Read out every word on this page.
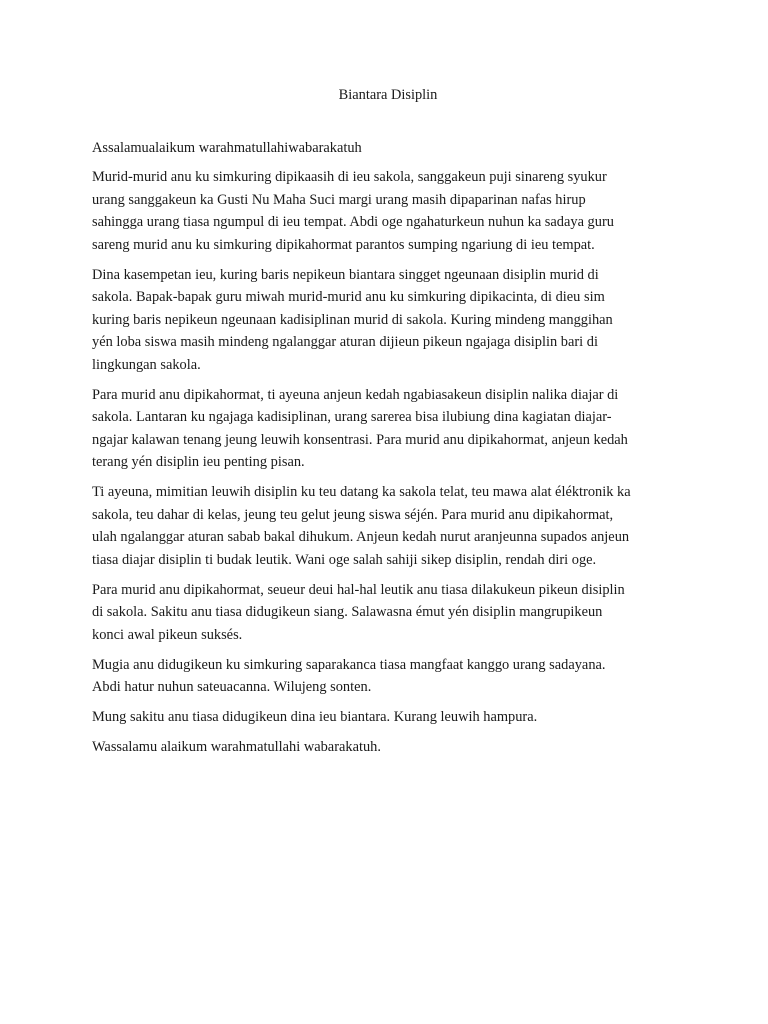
Biantara Disiplin
Assalamualaikum warahmatullahiwabarakatuh

Murid-murid anu ku simkuring dipikaasih di ieu sakola, sanggakeun puji sinareng syukur
urang sanggakeun ka Gusti Nu Maha Suci margi urang masih dipaparinan nafas hirup
sahingga urang tiasa ngumpul di ieu tempat. Abdi oge ngahaturkeun nuhun ka sadaya guru
sareng murid anu ku simkuring dipikahormat parantos sumping ngariung di ieu tempat.

Dina kasempetan ieu, kuring baris nepikeun biantara singget ngeunaan disiplin murid di
sakola. Bapak-bapak guru miwah murid-murid anu ku simkuring dipikacinta, di dieu sim
kuring baris nepikeun ngeunaan kadisiplinan murid di sakola. Kuring mindeng manggihan
yén loba siswa masih mindeng ngalanggar aturan dijieun pikeun ngajaga disiplin bari di
lingkungan sakola.

Para murid anu dipikahormat, ti ayeuna anjeun kedah ngabiasakeun disiplin nalika diajar di
sakola. Lantaran ku ngajaga kadisiplinan, urang sarerea bisa ilubiung dina kagiatan diajar-
ngajar kalawan tenang jeung leuwih konsentrasi. Para murid anu dipikahormat, anjeun kedah
terang yén disiplin ieu penting pisan.

Ti ayeuna, mimitian leuwih disiplin ku teu datang ka sakola telat, teu mawa alat éléktronik ka
sakola, teu dahar di kelas, jeung teu gelut jeung siswa séjén. Para murid anu dipikahormat,
ulah ngalanggar aturan sabab bakal dihukum. Anjeun kedah nurut aranjeunna supados anjeun
tiasa diajar disiplin ti budak leutik. Wani oge salah sahiji sikep disiplin, rendah diri oge.

Para murid anu dipikahormat, seueur deui hal-hal leutik anu tiasa dilakukeun pikeun disiplin
di sakola. Sakitu anu tiasa didugikeun siang. Salawasna émut yén disiplin mangrupikeun
konci awal pikeun suksés.

Mugia anu didugikeun ku simkuring saparakanca tiasa mangfaat kanggo urang sadayana.
Abdi hatur nuhun sateuacanna. Wilujeng sonten.

Mung sakitu anu tiasa didugikeun dina ieu biantara. Kurang leuwih hampura.

Wassalamu alaikum warahmatullahi wabarakatuh.
